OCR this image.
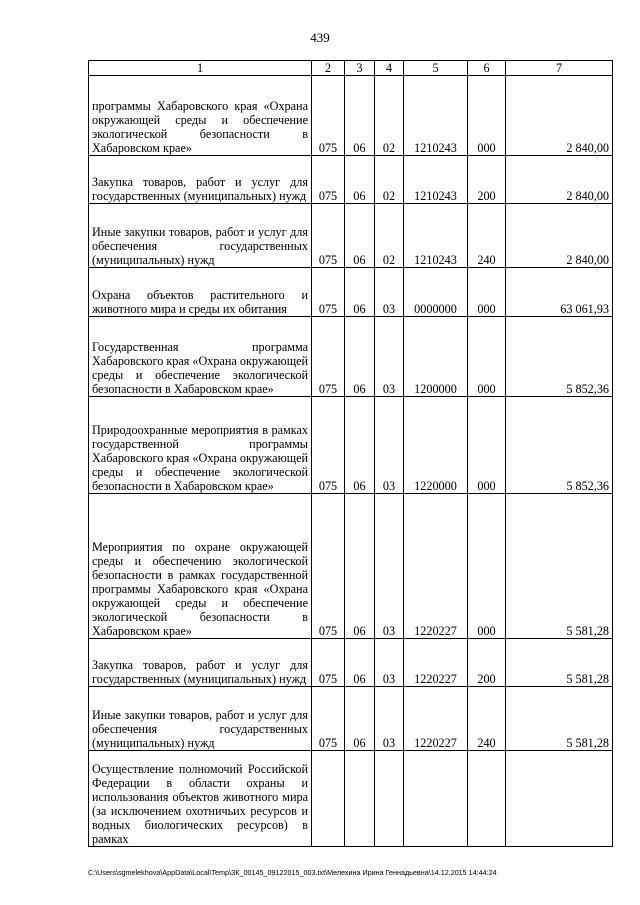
439
1	2	3	4	5	6	7
программы Хабаровского края «Охрана окружающей среды и обеспечение экологической безопасности в Хабаровском крае»	075	06	02	1210243	000	2 840,00
Закупка товаров, работ и услуг для государственных (муниципальных) нужд	075	06	02	1210243	200	2 840,00
Иные закупки товаров, работ и услуг для обеспечения государственных (муниципальных) нужд	075	06	02	1210243	240	2 840,00
Охрана объектов растительного и животного мира и среды их обитания	075	06	03	0000000	000	63 061,93
Государственная программа Хабаровского края «Охрана окружающей среды и обеспечение экологической безопасности в Хабаровском крае»	075	06	03	1200000	000	5 852,36
Природоохранные мероприятия в рамках государственной программы Хабаровского края «Охрана окружающей среды и обеспечение экологической безопасности в Хабаровском крае»	075	06	03	1220000	000	5 852,36
Мероприятия по охране окружающей среды и обеспечению экологической безопасности в рамках государственной программы Хабаровского края «Охрана окружающей среды и обеспечение экологической безопасности в Хабаровском крае»	075	06	03	1220227	000	5 581,28
Закупка товаров, работ и услуг для государственных (муниципальных) нужд	075	06	03	1220227	200	5 581,28
Иные закупки товаров, работ и услуг для обеспечения государственных (муниципальных) нужд	075	06	03	1220227	240	5 581,28
Осуществление полномочий Российской Федерации в области охраны и использования объектов животного мира (за исключением охотничьих ресурсов и водных биологических ресурсов) в рамках						
C:\Users\sgmelekhova\AppData\Local\Temp\ЗК_00145_09122015_003.txt\Мелехина Ирина Геннадьевна\14.12.2015 14:44:24
